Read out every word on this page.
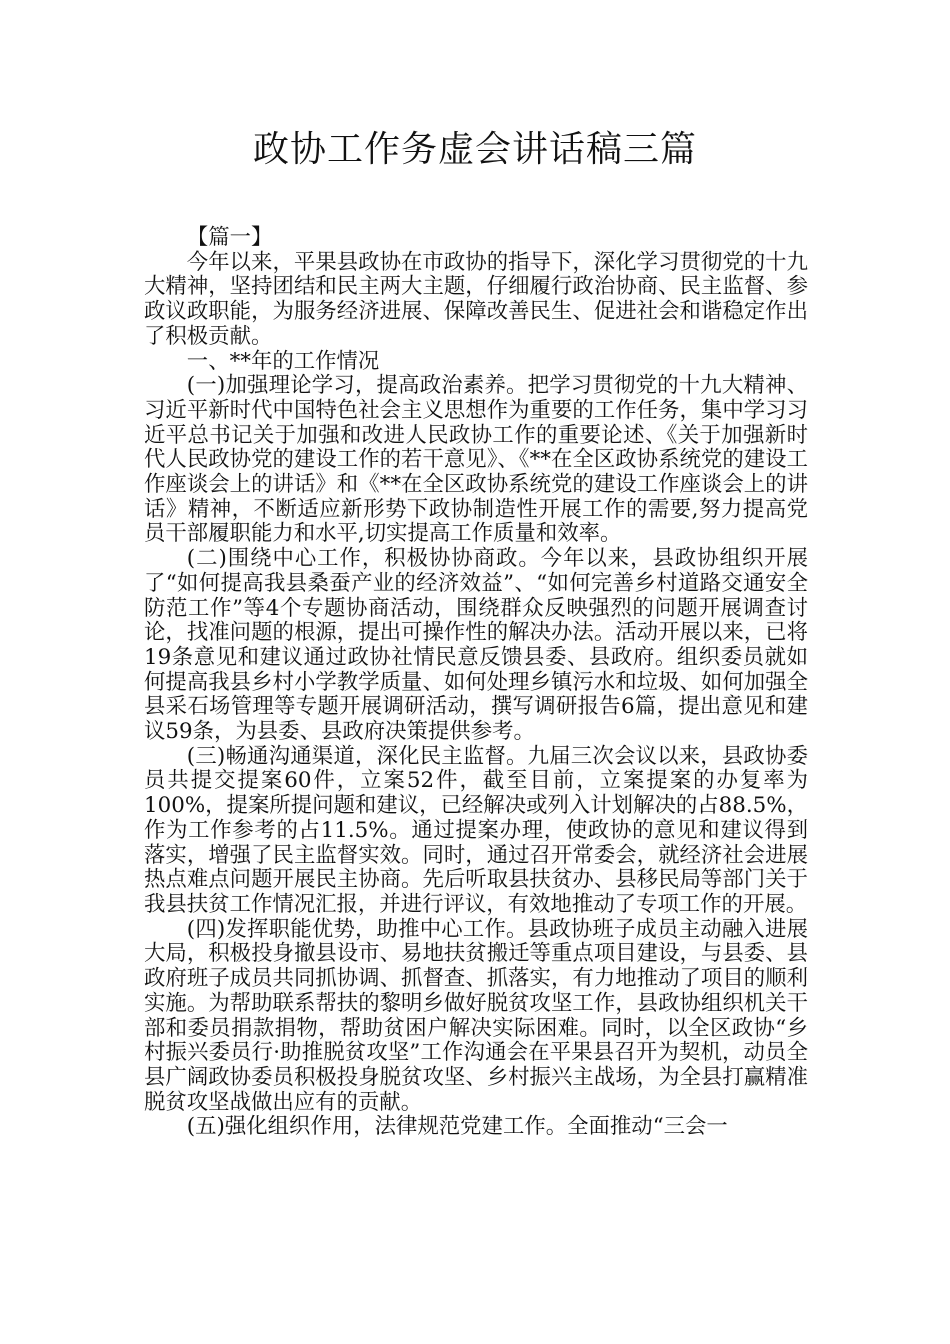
政协工作务虚会讲话稿三篇

【篇一】

今年以来，平果县政协在市政协的指导下，深化学习贯彻党的十九大精神，坚持团结和民主两大主题，仔细履行政治协商、民主监督、参政议政职能，为服务经济进展、保障改善民生、促进社会和谐稳定作出了积极贡献。

一、**年的工作情况

(一)加强理论学习，提高政治素养。把学习贯彻党的十九大精神、习近平新时代中国特色社会主义思想作为重要的工作任务，集中学习习近平总书记关于加强和改进人民政协工作的重要论述、《关于加强新时代人民政协党的建设工作的若干意见》、《**在全区政协系统党的建设工作座谈会上的讲话》和《**在全区政协系统党的建设工作座谈会上的讲话》精神，不断适应新形势下政协制造性开展工作的需要,努力提高党员干部履职能力和水平,切实提高工作质量和效率。

(二)围绕中心工作，积极协协商政。今年以来，县政协组织开展了“如何提高我县桑蚕产业的经济效益”、“如何完善乡村道路交通安全防范工作”等4个专题协商活动，围绕群众反映强烈的问题开展调查讨论，找准问题的根源，提出可操作性的解决办法。活动开展以来，已将19条意见和建议通过政协社情民意反馈县委、县政府。组织委员就如何提高我县乡村小学教学质量、如何处理乡镇污水和垃圾、如何加强全县采石场管理等专题开展调研活动，撰写调研报告6篇，提出意见和建议59条，为县委、县政府决策提供参考。

(三)畅通沟通渠道，深化民主监督。九届三次会议以来，县政协委员共提交提案60件，立案52件，截至目前，立案提案的办复率为100%，提案所提问题和建议，已经解决或列入计划解决的占88.5%，作为工作参考的占11.5%。通过提案办理，使政协的意见和建议得到落实，增强了民主监督实效。同时，通过召开常委会，就经济社会进展热点难点问题开展民主协商。先后听取县扶贫办、县移民局等部门关于我县扶贫工作情况汇报，并进行评议，有效地推动了专项工作的开展。

(四)发挥职能优势，助推中心工作。县政协班子成员主动融入进展大局，积极投身撤县设市、易地扶贫搬迁等重点项目建设，与县委、县政府班子成员共同抓协调、抓督查、抓落实，有力地推动了项目的顺利实施。为帮助联系帮扶的黎明乡做好脱贫攻坚工作，县政协组织机关干部和委员捐款捐物，帮助贫困户解决实际困难。同时，以全区政协“乡村振兴委员行·助推脱贫攻坚”工作沟通会在平果县召开为契机，动员全县广阔政协委员积极投身脱贫攻坚、乡村振兴主战场，为全县打赢精准脱贫攻坚战做出应有的贡献。

(五)强化组织作用，法律规范党建工作。全面推动“三会一
